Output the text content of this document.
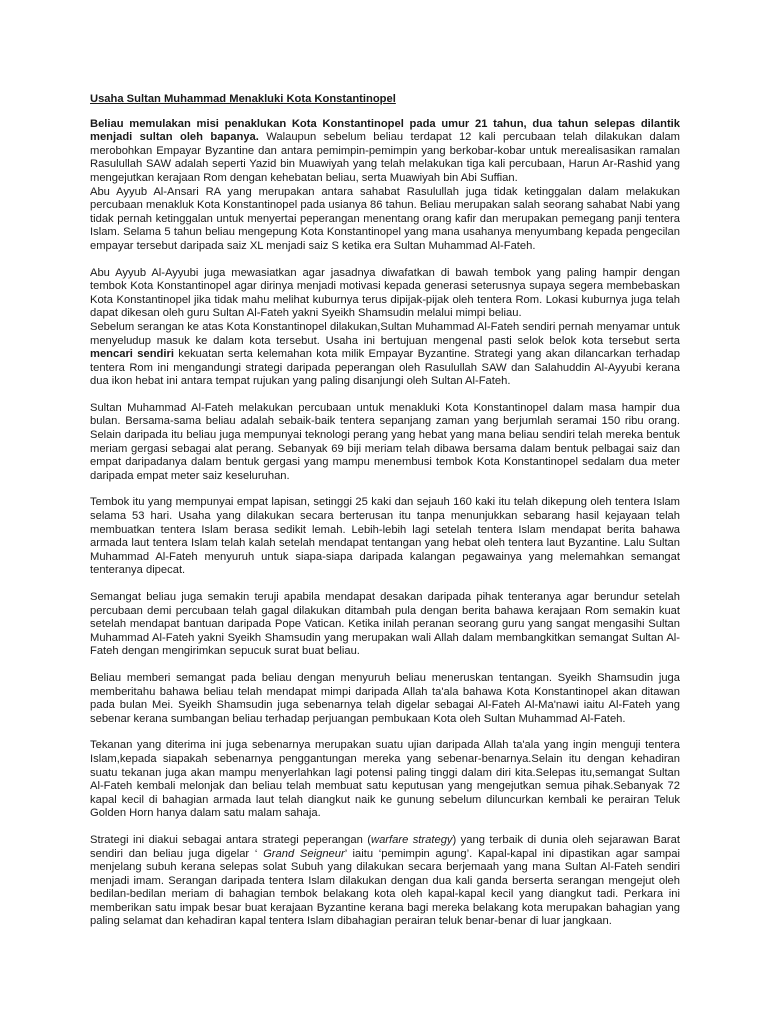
Usaha Sultan Muhammad Menakluki Kota Konstantinopel

Beliau memulakan misi penaklukan Kota Konstantinopel pada umur 21 tahun, dua tahun selepas dilantik menjadi sultan oleh bapanya. Walaupun sebelum beliau terdapat 12 kali percubaan telah dilakukan dalam merobohkan Empayar Byzantine dan antara pemimpin-pemimpin yang berkobar-kobar untuk merealisasikan ramalan Rasulullah SAW adalah seperti Yazid bin Muawiyah yang telah melakukan tiga kali percubaan, Harun Ar-Rashid yang mengejutkan kerajaan Rom dengan kehebatan beliau, serta Muawiyah bin Abi Suffian.

Abu Ayyub Al-Ansari RA yang merupakan antara sahabat Rasulullah juga tidak ketinggalan dalam melakukan percubaan menakluk Kota Konstantinopel pada usianya 86 tahun. Beliau merupakan salah seorang sahabat Nabi yang tidak pernah ketinggalan untuk menyertai peperangan menentang orang kafir dan merupakan pemegang panji tentera Islam. Selama 5 tahun beliau mengepung Kota Konstantinopel yang mana usahanya menyumbang kepada pengecilan empayar tersebut daripada saiz XL menjadi saiz S ketika era Sultan Muhammad Al-Fateh.

Abu Ayyub Al-Ayyubi juga mewasiatkan agar jasadnya diwafatkan di bawah tembok yang paling hampir dengan tembok Kota Konstantinopel agar dirinya menjadi motivasi kepada generasi seterusnya supaya segera membebaskan Kota Konstantinopel jika tidak mahu melihat kuburnya terus dipijak-pijak oleh tentera Rom. Lokasi kuburnya juga telah dapat dikesan oleh guru Sultan Al-Fateh yakni Syeikh Shamsudin melalui mimpi beliau.

Sebelum serangan ke atas Kota Konstantinopel dilakukan,Sultan Muhammad Al-Fateh sendiri pernah menyamar untuk menyeludup masuk ke dalam kota tersebut. Usaha ini bertujuan mengenal pasti selok belok kota tersebut serta mencari sendiri kekuatan serta kelemahan kota milik Empayar Byzantine. Strategi yang akan dilancarkan terhadap tentera Rom ini mengandungi strategi daripada peperangan oleh Rasulullah SAW dan Salahuddin Al-Ayyubi kerana dua ikon hebat ini antara tempat rujukan yang paling disanjungi oleh Sultan Al-Fateh.

Sultan Muhammad Al-Fateh melakukan percubaan untuk menakluki Kota Konstantinopel dalam masa hampir dua bulan. Bersama-sama beliau adalah sebaik-baik tentera sepanjang zaman yang berjumlah seramai 150 ribu orang. Selain daripada itu beliau juga mempunyai teknologi perang yang hebat yang mana beliau sendiri telah mereka bentuk meriam gergasi sebagai alat perang. Sebanyak 69 biji meriam telah dibawa bersama dalam bentuk pelbagai saiz dan empat daripadanya dalam bentuk gergasi yang mampu menembusi tembok Kota Konstantinopel sedalam dua meter daripada empat meter saiz keseluruhan.

Tembok itu yang mempunyai empat lapisan, setinggi 25 kaki dan sejauh 160 kaki itu telah dikepung oleh tentera Islam selama 53 hari. Usaha yang dilakukan secara berterusan itu tanpa menunjukkan sebarang hasil kejayaan telah membuatkan tentera Islam berasa sedikit lemah. Lebih-lebih lagi setelah tentera Islam mendapat berita bahawa armada laut tentera Islam telah kalah setelah mendapat tentangan yang hebat oleh tentera laut Byzantine. Lalu Sultan Muhammad Al-Fateh menyuruh untuk siapa-siapa daripada kalangan pegawainya yang melemahkan semangat tenteranya dipecat.

Semangat beliau juga semakin teruji apabila mendapat desakan daripada pihak tenteranya agar berundur setelah percubaan demi percubaan telah gagal dilakukan ditambah pula dengan berita bahawa kerajaan Rom semakin kuat setelah mendapat bantuan daripada Pope Vatican. Ketika inilah peranan seorang guru yang sangat mengasihi Sultan Muhammad Al-Fateh yakni Syeikh Shamsudin yang merupakan wali Allah dalam membangkitkan semangat Sultan Al-Fateh dengan mengirimkan sepucuk surat buat beliau.

Beliau memberi semangat pada beliau dengan menyuruh beliau meneruskan tentangan. Syeikh Shamsudin juga memberitahu bahawa beliau telah mendapat mimpi daripada Allah ta'ala bahawa Kota Konstantinopel akan ditawan pada bulan Mei. Syeikh Shamsudin juga sebenarnya telah digelar sebagai Al-Fateh Al-Ma'nawi iaitu Al-Fateh yang sebenar kerana sumbangan beliau terhadap perjuangan pembukaan Kota oleh Sultan Muhammad Al-Fateh.

Tekanan yang diterima ini juga sebenarnya merupakan suatu ujian daripada Allah ta'ala yang ingin menguji tentera Islam,kepada siapakah sebenarnya penggantungan mereka yang sebenar-benarnya.Selain itu dengan kehadiran suatu tekanan juga akan mampu menyerlahkan lagi potensi paling tinggi dalam diri kita.Selepas itu,semangat Sultan Al-Fateh kembali melonjak dan beliau telah membuat satu keputusan yang mengejutkan semua pihak.Sebanyak 72 kapal kecil di bahagian armada laut telah diangkut naik ke gunung sebelum diluncurkan kembali ke perairan Teluk Golden Horn hanya dalam satu malam sahaja.

Strategi ini diakui sebagai antara strategi peperangan (warfare strategy) yang terbaik di dunia oleh sejarawan Barat sendiri dan beliau juga digelar ‘ Grand Seigneur’ iaitu ‘pemimpin agung’. Kapal-kapal ini dipastikan agar sampai menjelang subuh kerana selepas solat Subuh yang dilakukan secara berjemaah yang mana Sultan Al-Fateh sendiri menjadi imam. Serangan daripada tentera Islam dilakukan dengan dua kali ganda berserta serangan mengejut oleh bedilan-bedilan meriam di bahagian tembok belakang kota oleh kapal-kapal kecil yang diangkut tadi. Perkara ini memberikan satu impak besar buat kerajaan Byzantine kerana bagi mereka belakang kota merupakan bahagian yang paling selamat dan kehadiran kapal tentera Islam dibahagian perairan teluk benar-benar di luar jangkaan.
